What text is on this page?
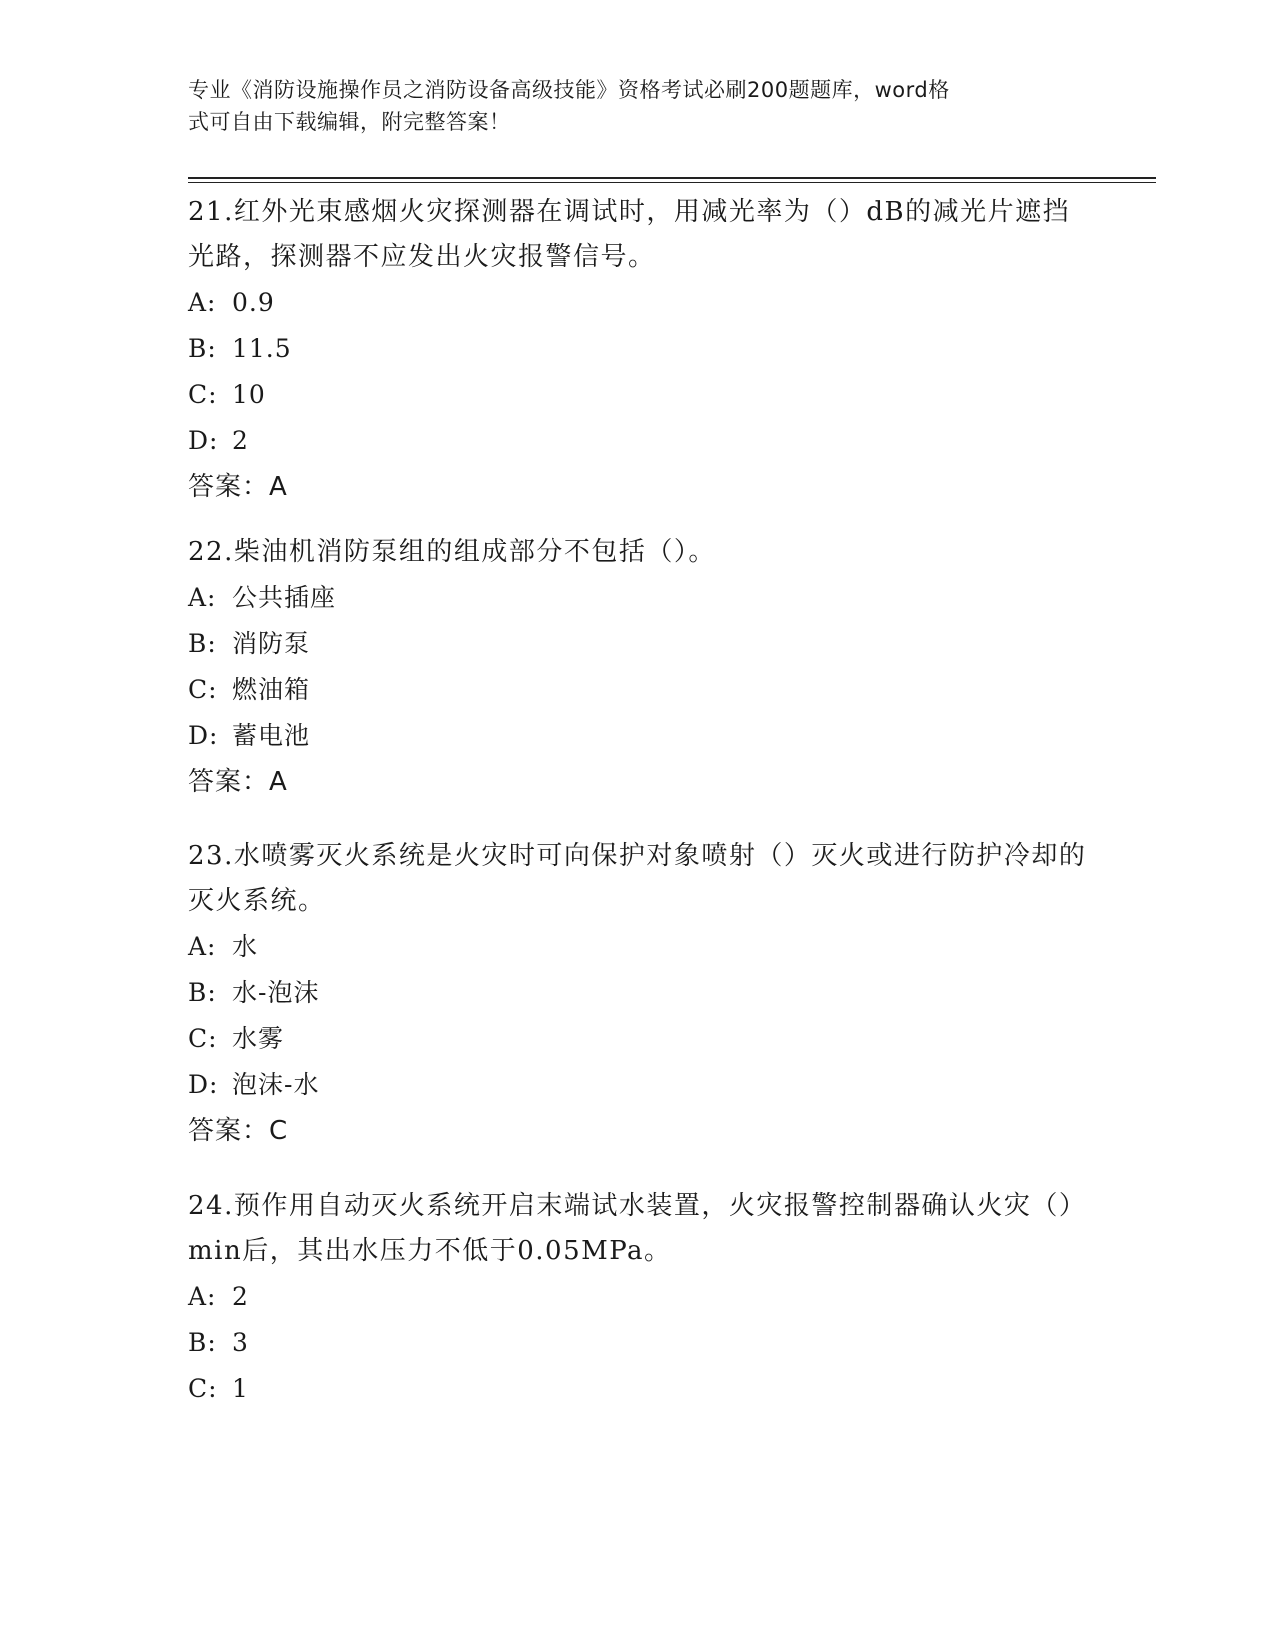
专业《消防设施操作员之消防设备高级技能》资格考试必刷200题题库，word格
式可自由下载编辑，附完整答案！

21.红外光束感烟火灾探测器在调试时，用减光率为（）dB的减光片遮挡光路，探测器不应发出火灾报警信号。

A: 0.9

B: 11.5

C: 10

D: 2

答案：A

22.柴油机消防泵组的组成部分不包括（）。

A: 公共插座

B: 消防泵

C: 燃油箱

D: 蓄电池

答案：A

23.水喷雾灭火系统是火灾时可向保护对象喷射（）灭火或进行防护冷却的灭火系统。

A: 水

B: 水-泡沫

C: 水雾

D: 泡沫-水

答案：C

24.预作用自动灭火系统开启末端试水装置，火灾报警控制器确认火灾（）min后，其出水压力不低于0.05MPa。

A: 2

B: 3

C: 1
